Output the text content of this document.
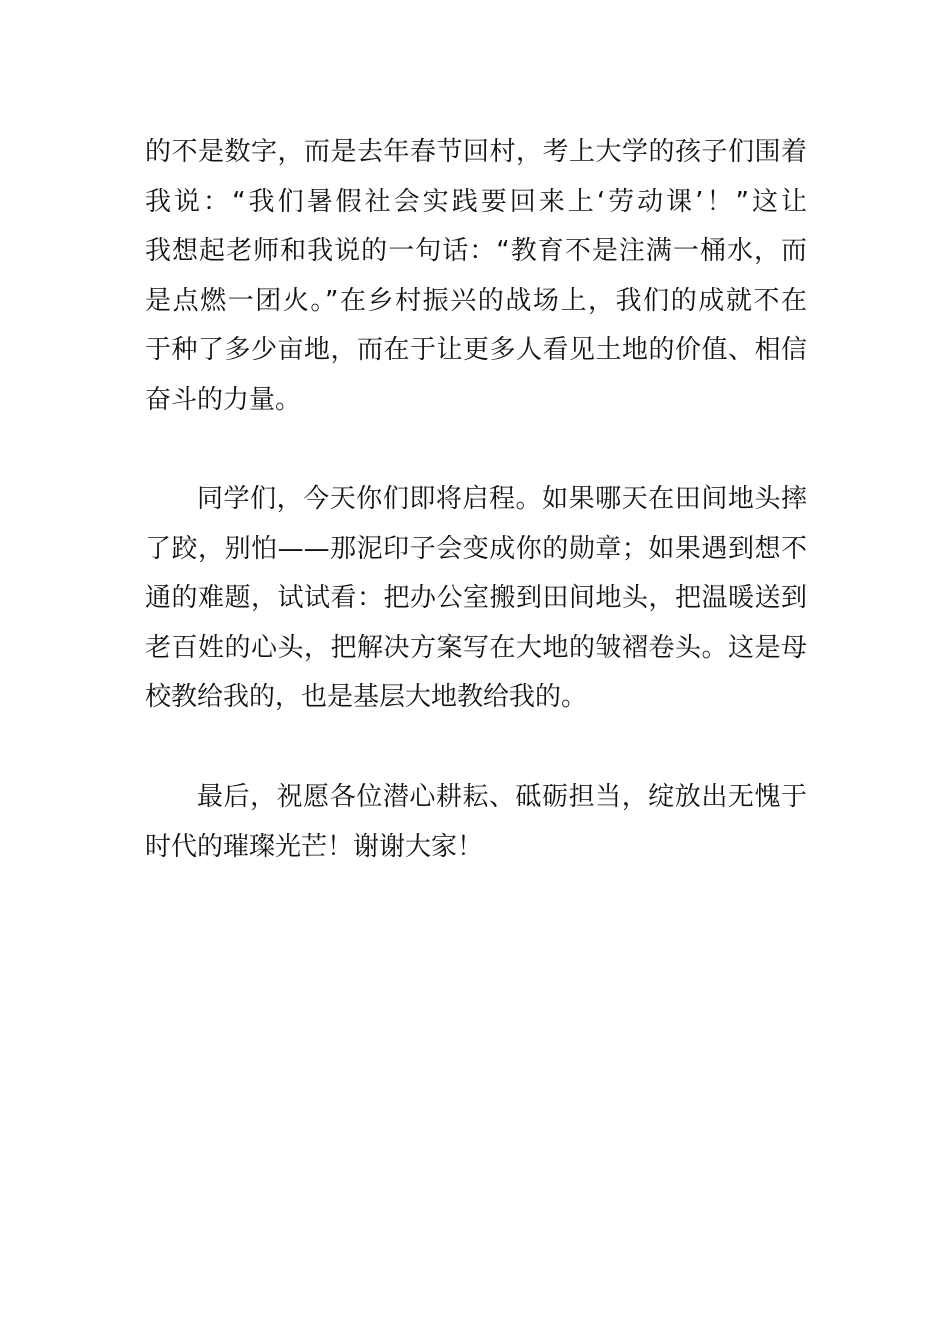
的不是数字，而是去年春节回村，考上大学的孩子们围着
我说：“我们暑假社会实践要回来上‘劳动课’！”这让
我想起老师和我说的一句话：“教育不是注满一桶水，而
是点燃一团火。”在乡村振兴的战场上，我们的成就不在
于种了多少亩地，而在于让更多人看见土地的价值、相信
奋斗的力量。
同学们，今天你们即将启程。如果哪天在田间地头摔
了跤，别怕——那泥印子会变成你的勋章；如果遇到想不
通的难题，试试看：把办公室搬到田间地头，把温暖送到
老百姓的心头，把解决方案写在大地的皱褶卷头。这是母
校教给我的，也是基层大地教给我的。
最后，祝愿各位潜心耕耘、砥砺担当，绽放出无愧于
时代的璀璨光芒！谢谢大家！
